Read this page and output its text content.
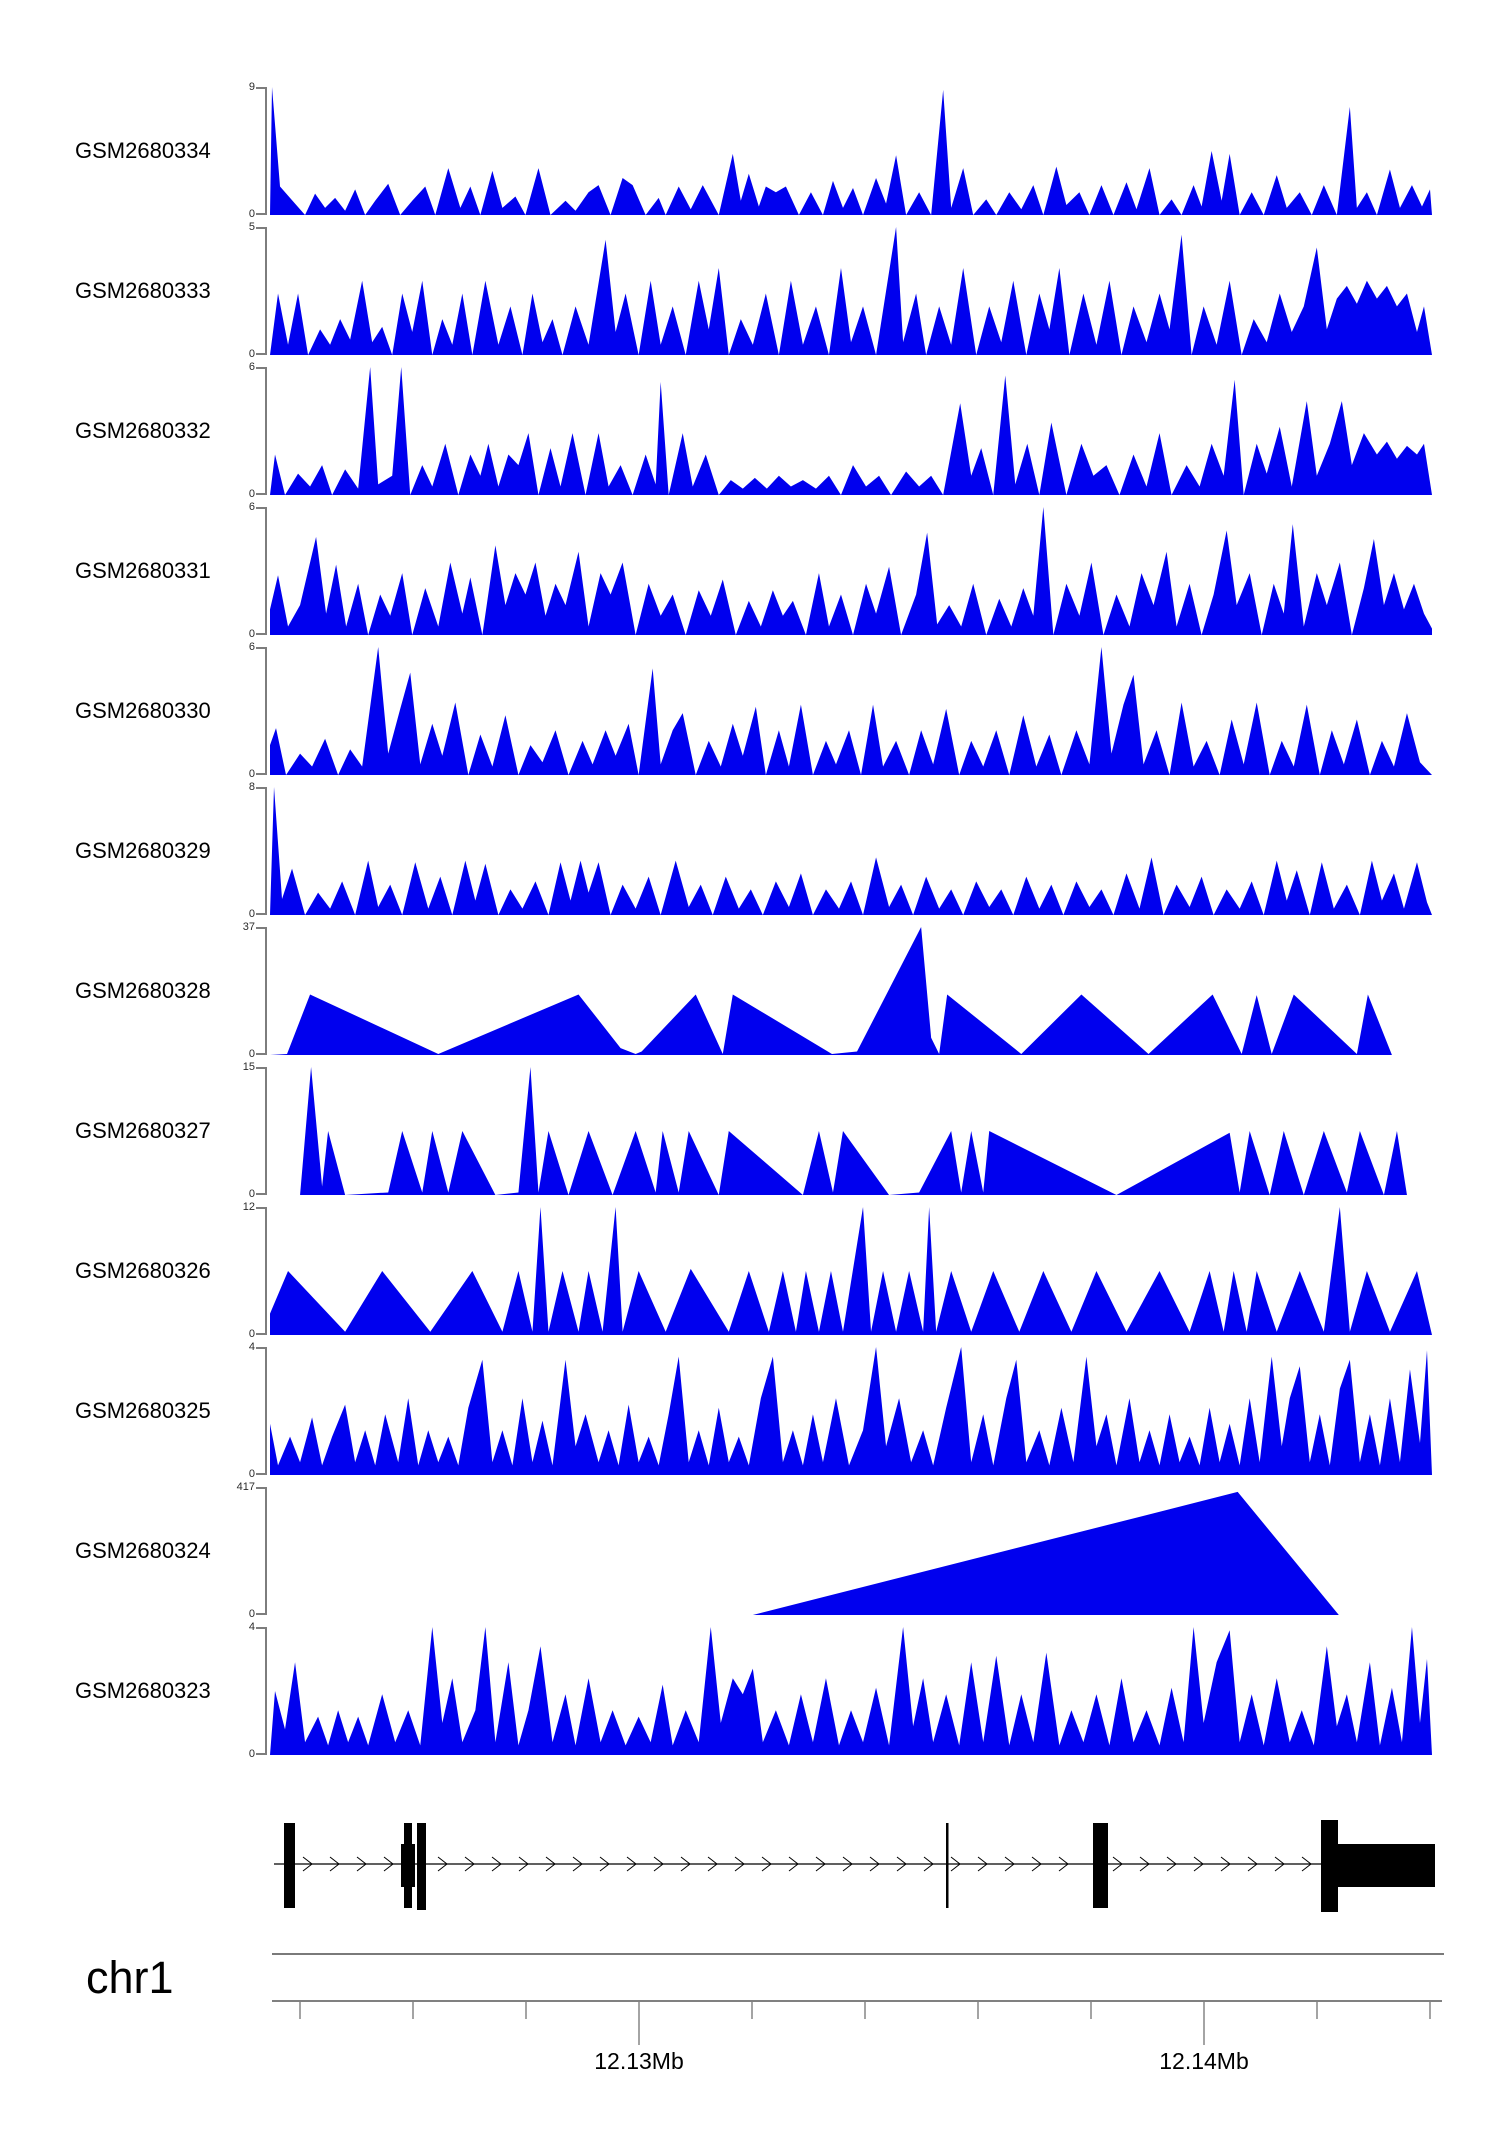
GSM2680334
9
0
GSM2680333
5
0
GSM2680332
6
0
GSM2680331
6
0
GSM2680330
6
0
GSM2680329
8
0
GSM2680328
37
0
GSM2680327
15
0
GSM2680326
12
0
GSM2680325
4
0
GSM2680324
417
0
GSM2680323
4
0
chr1
12.13Mb	12.14Mb
